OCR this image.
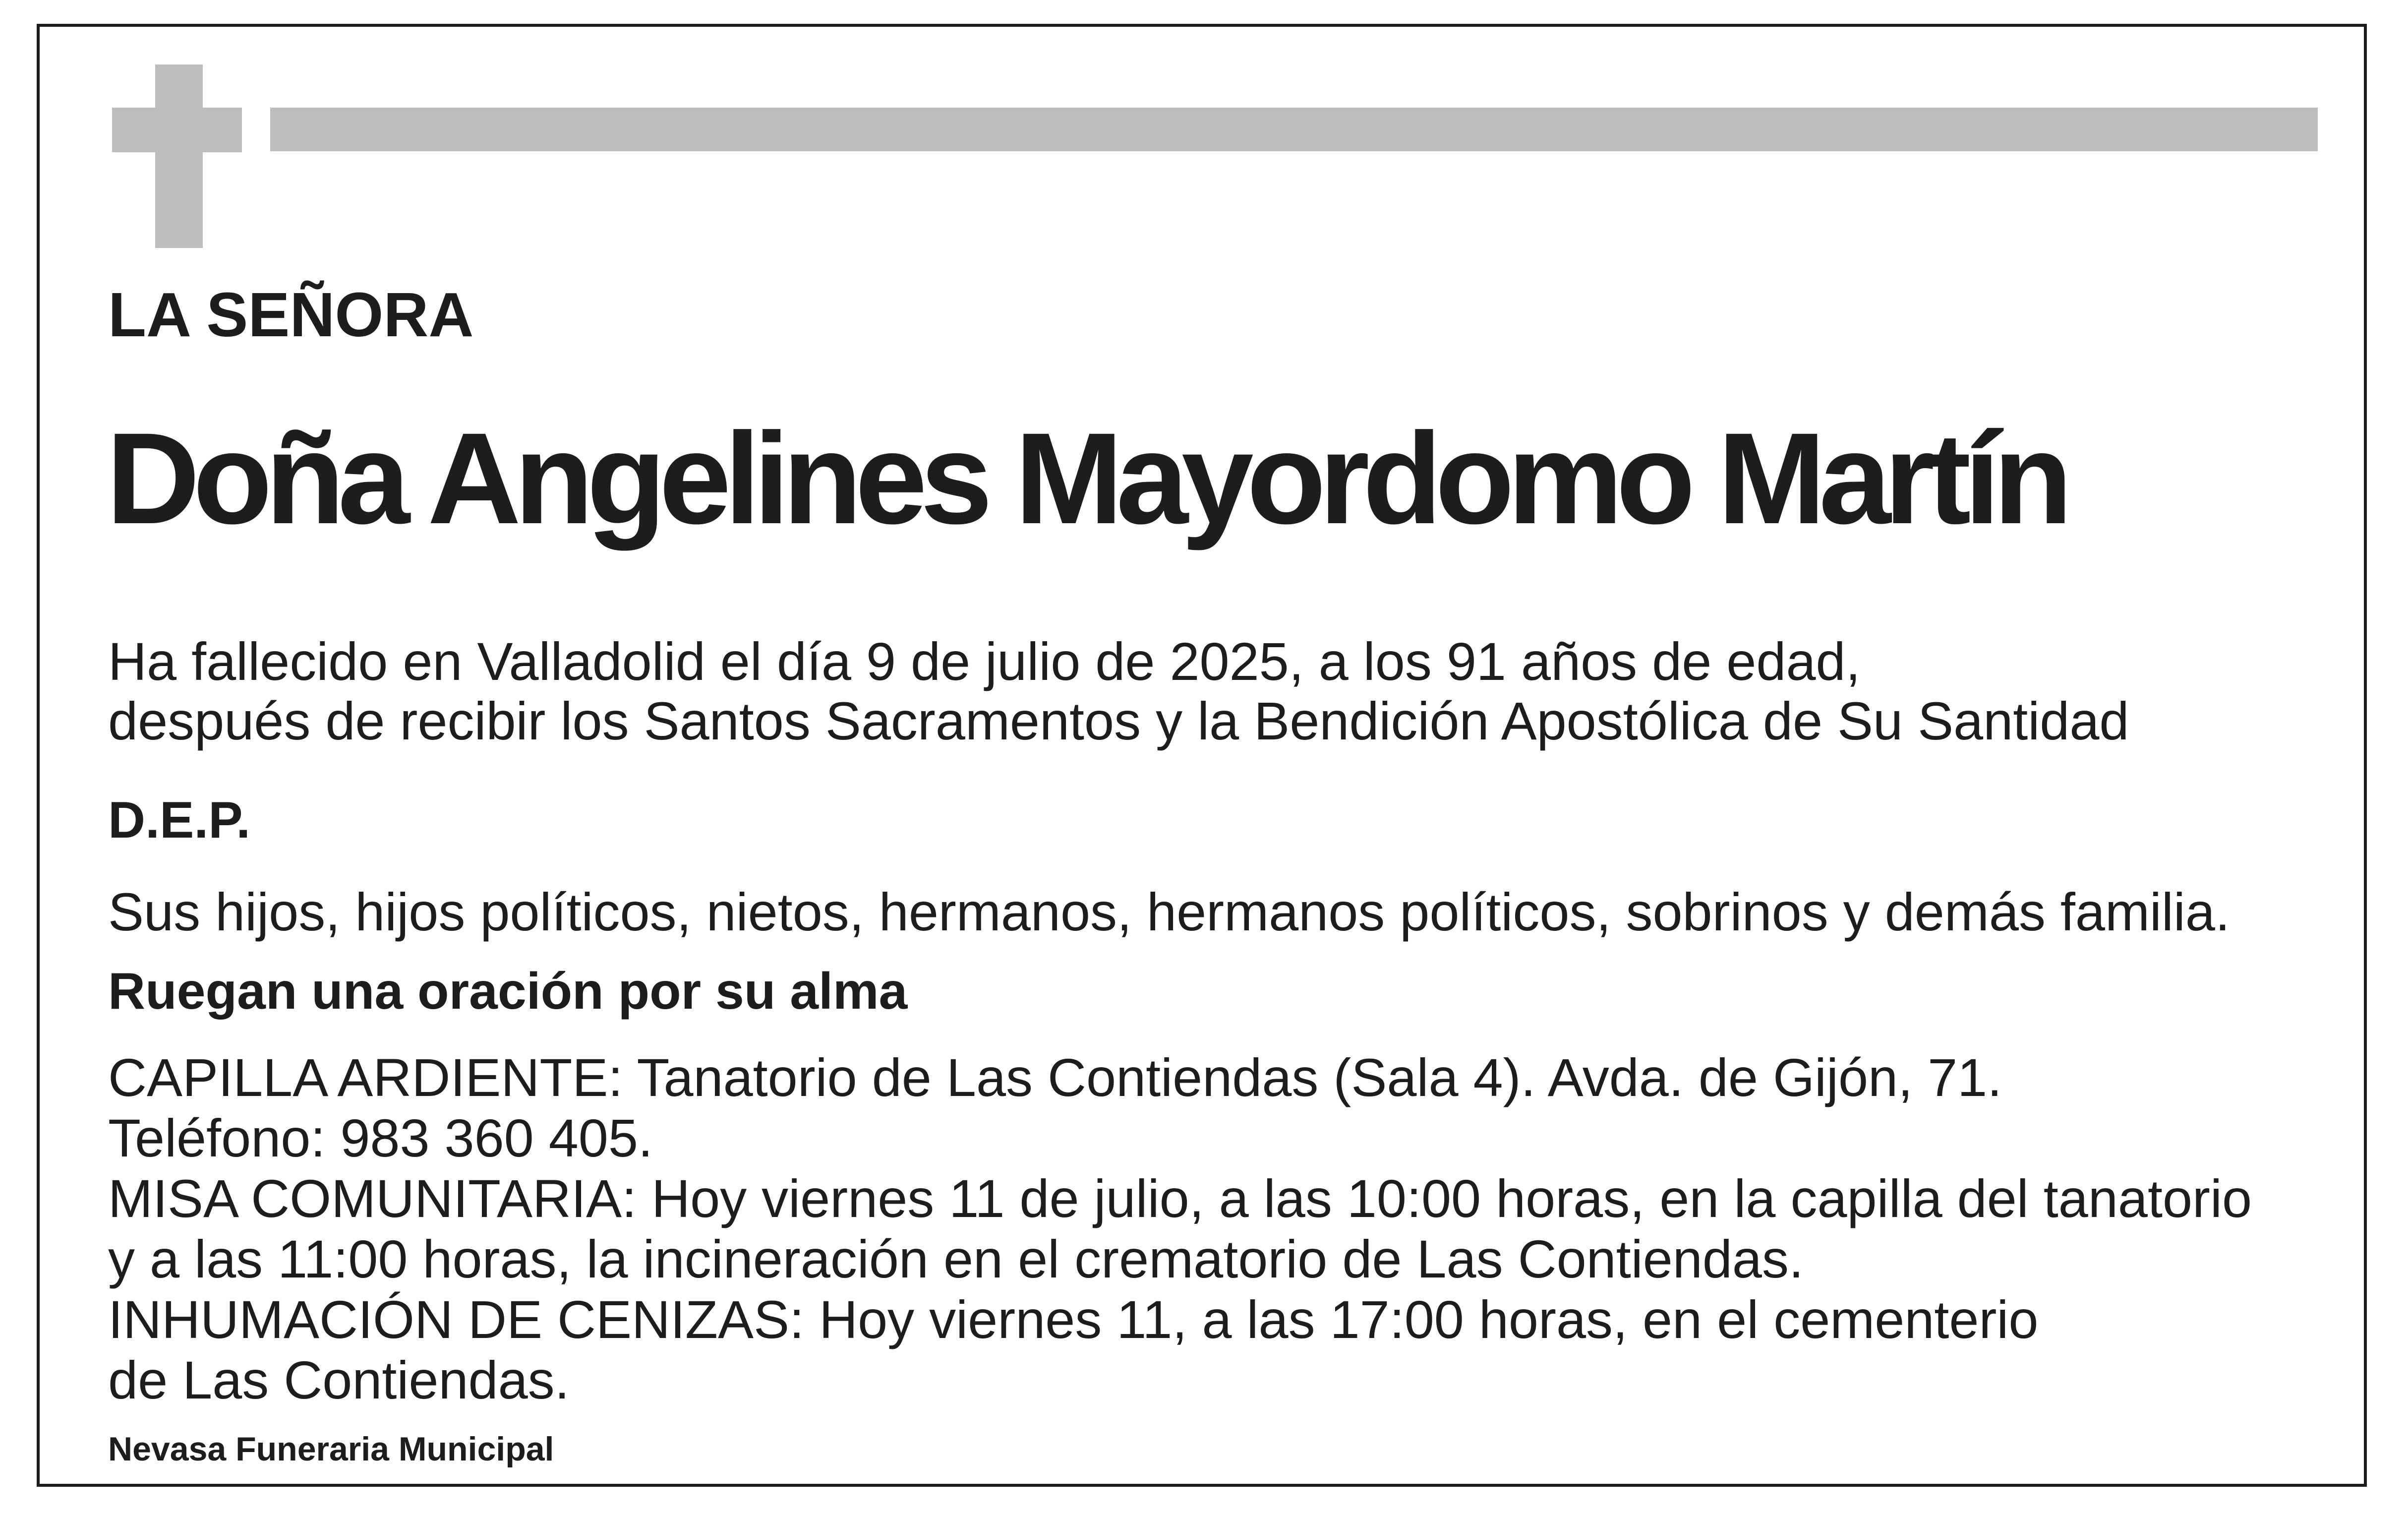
LA SEÑORA
Doña Angelines Mayordomo Martín
Ha fallecido en Valladolid el día 9 de julio de 2025, a los 91 años de edad,
después de recibir los Santos Sacramentos y la Bendición Apostólica de Su Santidad
D.E.P.
Sus hijos, hijos políticos, nietos, hermanos, hermanos políticos, sobrinos y demás familia.
Ruegan una oración por su alma
CAPILLA ARDIENTE: Tanatorio de Las Contiendas (Sala 4). Avda. de Gijón, 71.
Teléfono: 983 360 405.
MISA COMUNITARIA: Hoy viernes 11 de julio, a las 10:00 horas, en la capilla del tanatorio
y a las 11:00 horas, la incineración en el crematorio de Las Contiendas.
INHUMACIÓN DE CENIZAS: Hoy viernes 11, a las 17:00 horas, en el cementerio
de Las Contiendas.
Nevasa Funeraria Municipal
